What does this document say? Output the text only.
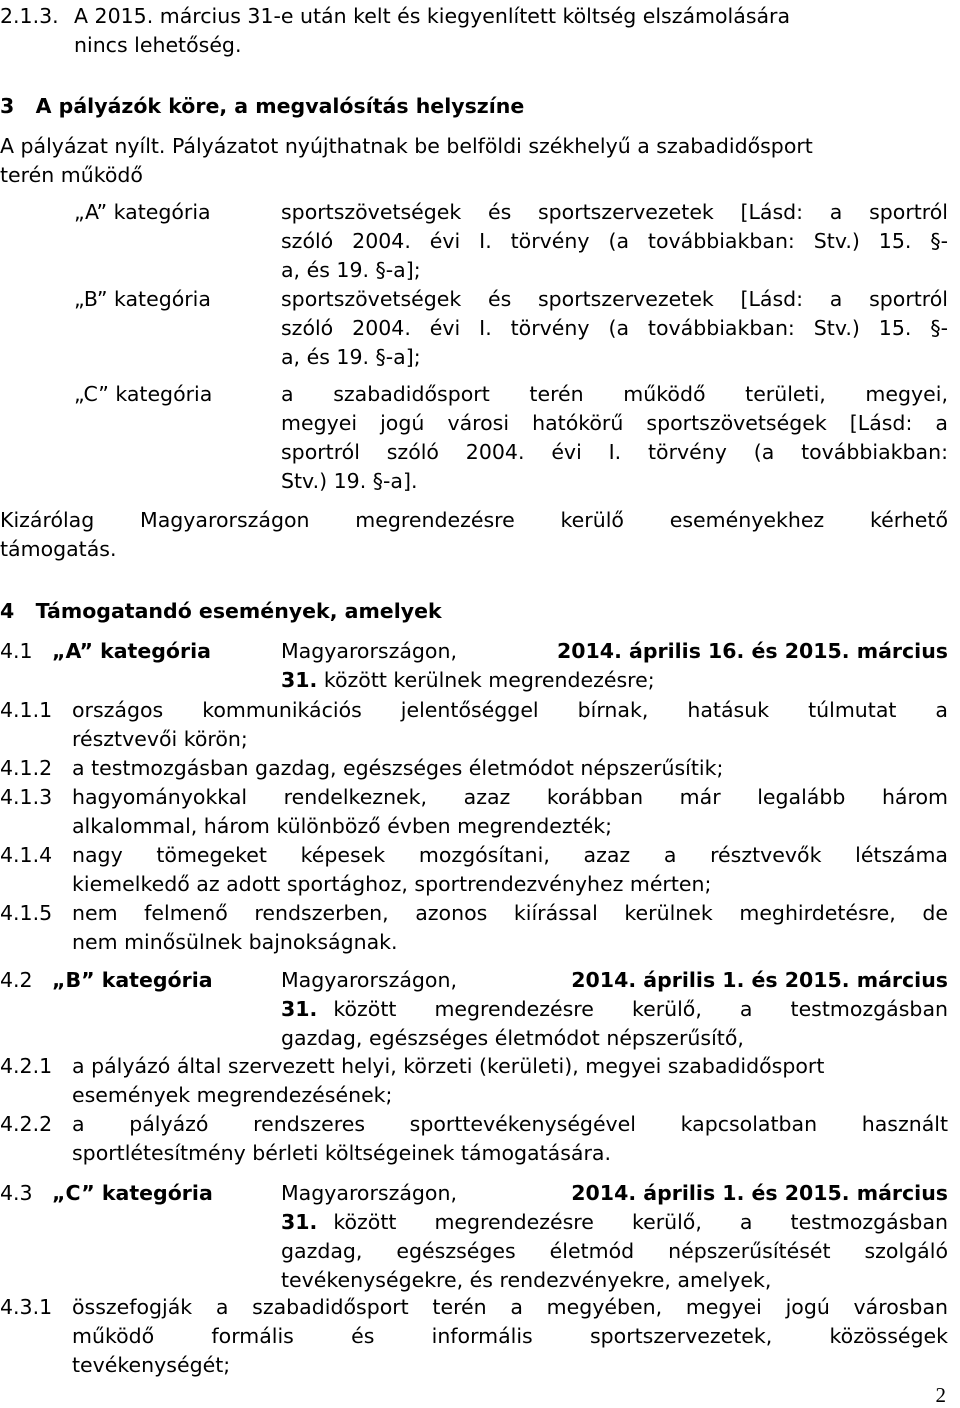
2.1.3. A 2015. március 31-e után kelt és kiegyenlített költség elszámolására
nincs lehetőség.
3   A pályázók köre, a megvalósítás helyszíne
A pályázat nyílt. Pályázatot nyújthatnak be belföldi székhelyű a szabadidősport
terén működő
„A” kategória	sportszövetségek és sportszervezetek [Lásd: a sportról
szóló 2004. évi I. törvény (a továbbiakban: Stv.) 15. §-
a, és 19. §-a];
„B” kategória	sportszövetségek és sportszervezetek [Lásd: a sportról
szóló 2004. évi I. törvény (a továbbiakban: Stv.) 15. §-
a, és 19. §-a];
„C” kategória	a szabadidősport terén működő területi, megyei,
megyei jogú városi hatókörű sportszövetségek [Lásd: a
sportról szóló 2004. évi I. törvény (a továbbiakban:
Stv.) 19. §-a].
Kizárólag Magyarországon megrendezésre kerülő eseményekhez kérhető
támogatás.
4   Támogatandó események, amelyek
4.1 „A” kategória	Magyarországon,	2014. április 16. és 2015. március
31. között kerülnek megrendezésre;
4.1.1 országos kommunikációs jelentőséggel bírnak, hatásuk túlmutat a
résztvevői körön;
4.1.2 a testmozgásban gazdag, egészséges életmódot népszerűsítik;
4.1.3 hagyományokkal rendelkeznek, azaz korábban már legalább három
alkalommal, három különböző évben megrendezték;
4.1.4 nagy tömegeket képesek mozgósítani, azaz a résztvevők létszáma
kiemelkedő az adott sportághoz, sportrendezvényhez mérten;
4.1.5 nem felmenő rendszerben, azonos kiírással kerülnek meghirdetésre, de
nem minősülnek bajnokságnak.
4.2 „B” kategória	Magyarországon,	2014. április 1. és 2015. március
31. között megrendezésre kerülő, a testmozgásban
gazdag, egészséges életmódot népszerűsítő,
4.2.1 a pályázó által szervezett helyi, körzeti (kerületi), megyei szabadidősport
események megrendezésének;
4.2.2 a pályázó rendszeres sporttevékenységével kapcsolatban használt
sportlétesítmény bérleti költségeinek támogatására.
4.3 „C” kategória	Magyarországon,	2014. április 1. és 2015. március
31. között megrendezésre kerülő, a testmozgásban
gazdag, egészséges életmód népszerűsítését szolgáló
tevékenységekre, és rendezvényekre, amelyek,
4.3.1 összefogják a szabadidősport terén a megyében, megyei jogú városban
működő formális és informális sportszervezetek, közösségek
tevékenységét;
2
